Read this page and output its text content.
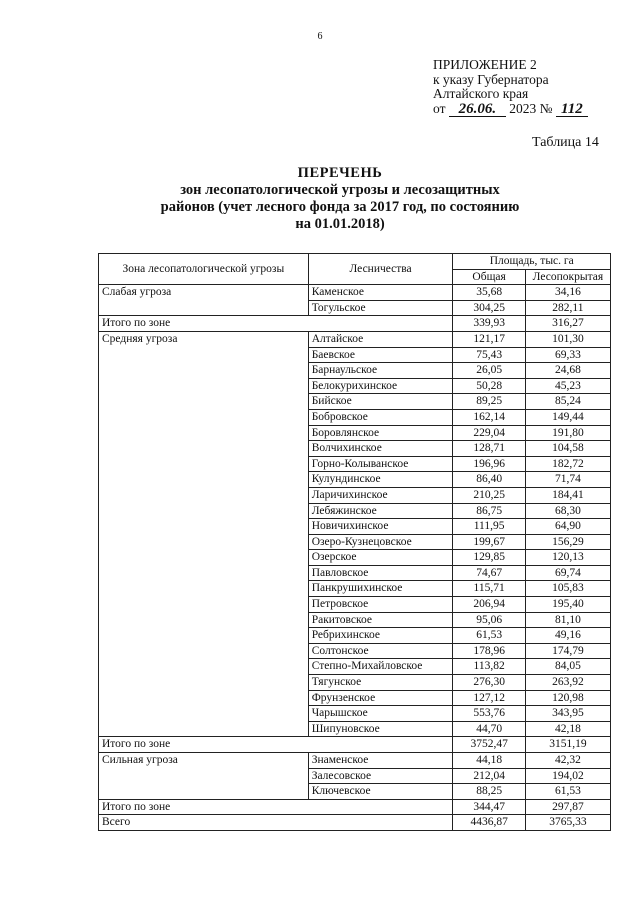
6
ПРИЛОЖЕНИЕ 2
к указу Губернатора
Алтайского края
от 26.06. 2023 № 112
Таблица 14
ПЕРЕЧЕНЬ
зон лесопатологической угрозы и лесозащитных
районов (учет лесного фонда за 2017 год, по состоянию
на 01.01.2018)
Зона лесопатологической угрозы	Лесничества	Площадь, тыс. га	
		Общая	Лесопокрытая
Слабая угроза	Каменское	35,68	34,16
	Тогульское	304,25	282,11
Итого по зоне		339,93	316,27
Средняя угроза	Алтайское	121,17	101,30
	Баевское	75,43	69,33
	Барнаульское	26,05	24,68
	Белокурихинское	50,28	45,23
	Бийское	89,25	85,24
	Бобровское	162,14	149,44
	Боровлянское	229,04	191,80
	Волчихинское	128,71	104,58
	Горно-Колыванское	196,96	182,72
	Кулундинское	86,40	71,74
	Ларичихинское	210,25	184,41
	Лебяжинское	86,75	68,30
	Новичихинское	111,95	64,90
	Озеро-Кузнецовское	199,67	156,29
	Озерское	129,85	120,13
	Павловское	74,67	69,74
	Панкрушихинское	115,71	105,83
	Петровское	206,94	195,40
	Ракитовское	95,06	81,10
	Ребрихинское	61,53	49,16
	Солтонское	178,96	174,79
	Степно-Михайловское	113,82	84,05
	Тягунское	276,30	263,92
	Фрунзенское	127,12	120,98
	Чарышское	553,76	343,95
	Шипуновское	44,70	42,18
Итого по зоне		3752,47	3151,19
Сильная угроза	Знаменское	44,18	42,32
	Залесовское	212,04	194,02
	Ключевское	88,25	61,53
Итого по зоне		344,47	297,87
Всего		4436,87	3765,33
